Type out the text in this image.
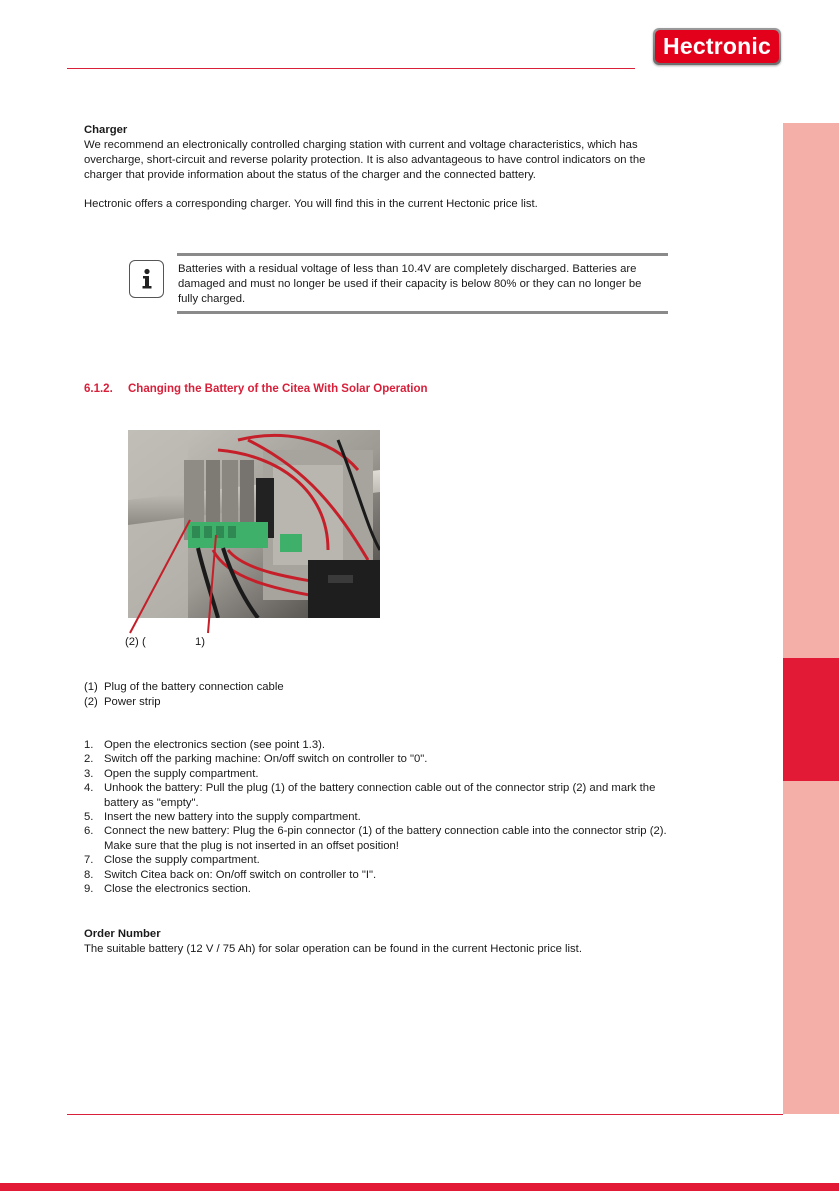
Hectronic
Charger
We recommend an electronically controlled charging station with current and voltage characteristics, which has overcharge, short-circuit and reverse polarity protection. It is also advantageous to have control indicators on the charger that provide information about the status of the charger and the connected battery.
Hectronic offers a corresponding charger. You will find this in the current Hectonic price list.
Batteries with a residual voltage of less than 10.4V are completely discharged. Batteries are damaged and must no longer be used if their capacity is below 80% or they can no longer be fully charged.
6.1.2. Changing the Battery of the Citea With Solar Operation
(2) (	1)
(1) Plug of the battery connection cable
(2) Power strip
1. Open the electronics section (see point 1.3).
2. Switch off the parking machine: On/off switch on controller to "0".
3. Open the supply compartment.
4. Unhook the battery: Pull the plug (1) of the battery connection cable out of the connector strip (2) and mark the battery as "empty".
5. Insert the new battery into the supply compartment.
6. Connect the new battery: Plug the 6-pin connector (1) of the battery connection cable into the connector strip (2). Make sure that the plug is not inserted in an offset position!
7. Close the supply compartment.
8. Switch Citea back on: On/off switch on controller to "I".
9. Close the electronics section.
Order Number
The suitable battery (12 V / 75 Ah) for solar operation can be found in the current Hectonic price list.
